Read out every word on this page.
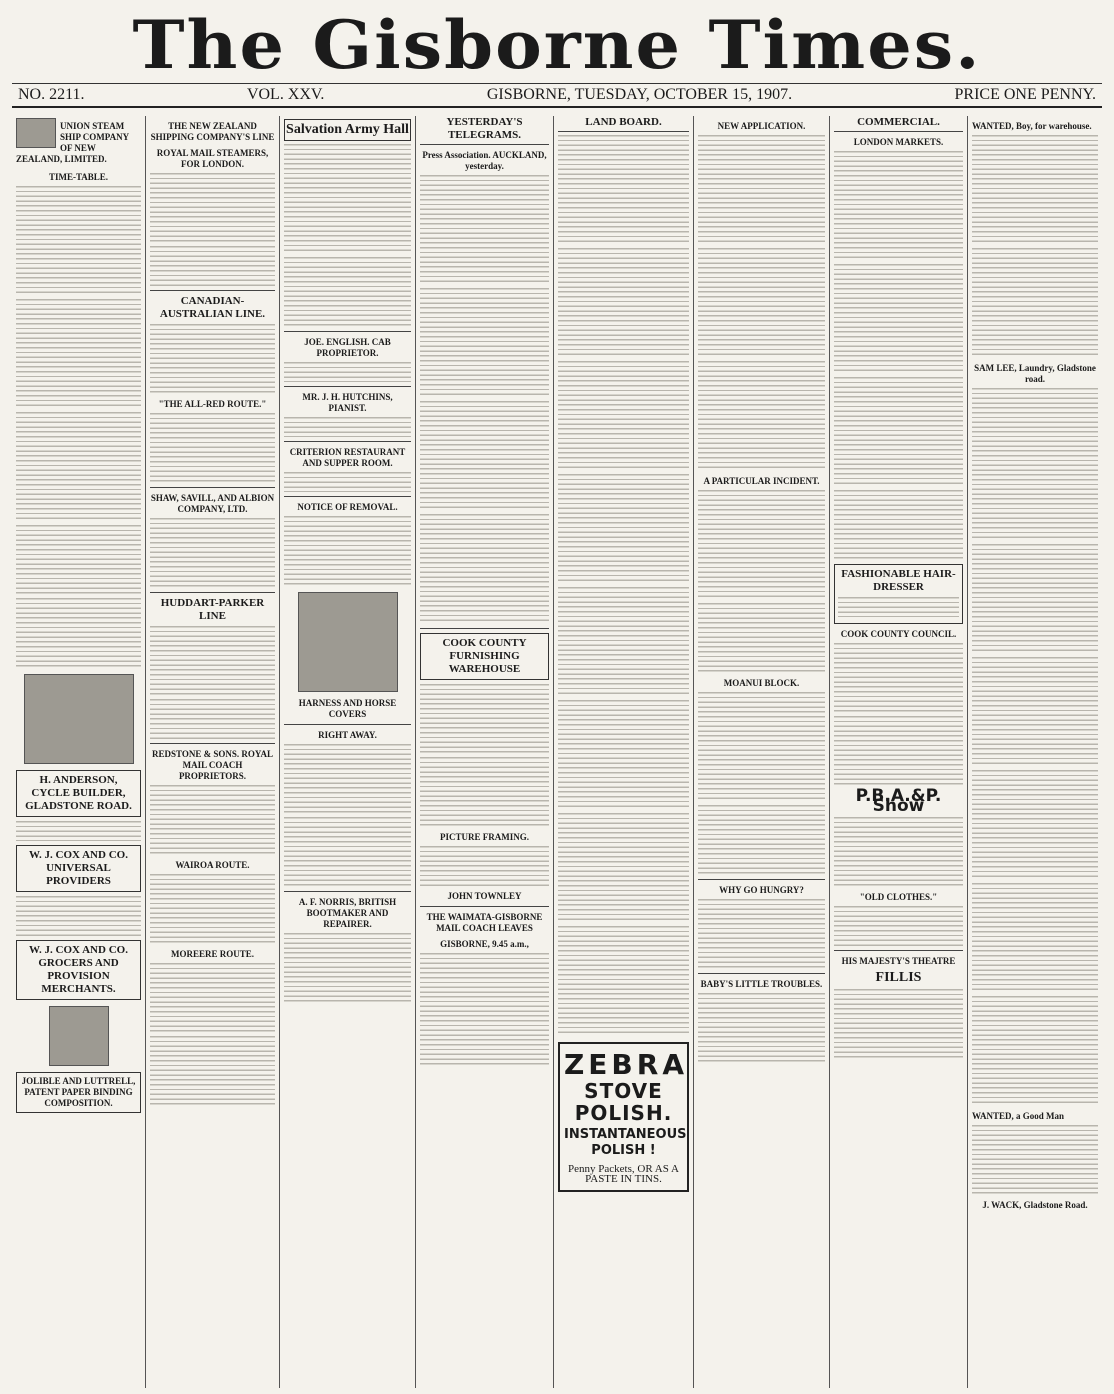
The Gisborne Times.
NO. 2211.	VOL. XXV.	GISBORNE, TUESDAY, OCTOBER 15, 1907.	PRICE ONE PENNY.
UNION STEAM SHIP COMPANY OF NEW ZEALAND, LIMITED.
TIME-TABLE.
H. ANDERSON, CYCLE BUILDER, GLADSTONE ROAD.
W. J. COX AND CO. UNIVERSAL PROVIDERS
W. J. COX AND CO. GROCERS AND PROVISION MERCHANTS.
JOLIBLE AND LUTTRELL, PATENT PAPER BINDING COMPOSITION.
THE NEW ZEALAND SHIPPING COMPANY'S LINE
ROYAL MAIL STEAMERS, FOR LONDON.
CANADIAN-AUSTRALIAN LINE.
"THE ALL-RED ROUTE."
SHAW, SAVILL, AND ALBION COMPANY, LTD.
HUDDART-PARKER LINE
REDSTONE & SONS. ROYAL MAIL COACH PROPRIETORS.
WAIROA ROUTE.
MOREERE ROUTE.
Salvation Army Hall
JOE. ENGLISH. CAB PROPRIETOR.
MR. J. H. HUTCHINS, PIANIST.
CRITERION RESTAURANT AND SUPPER ROOM.
NOTICE OF REMOVAL.
HARNESS AND HORSE COVERS
RIGHT AWAY.
A. F. NORRIS, BRITISH BOOTMAKER AND REPAIRER.
YESTERDAY'S TELEGRAMS.
Press Association. AUCKLAND, yesterday.
COOK COUNTY FURNISHING WAREHOUSE
PICTURE FRAMING.
JOHN TOWNLEY
THE WAIMATA-GISBORNE MAIL COACH LEAVES
GISBORNE, 9.45 a.m.,
LAND BOARD.
ZEBRA
STOVE POLISH.
INSTANTANEOUS POLISH !
Penny Packets, OR AS A PASTE IN TINS.
NEW APPLICATION.
A PARTICULAR INCIDENT.
MOANUI BLOCK.
WHY GO HUNGRY?
BABY'S LITTLE TROUBLES.
COMMERCIAL.
LONDON MARKETS.
FASHIONABLE HAIR- DRESSER
COOK COUNTY COUNCIL.
P.B.A.&P. Show
"OLD CLOTHES."
HIS MAJESTY'S THEATRE
FILLIS
WANTED, Boy, for warehouse.
SAM LEE, Laundry, Gladstone road.
WANTED, a Good Man
J. WACK, Gladstone Road.
